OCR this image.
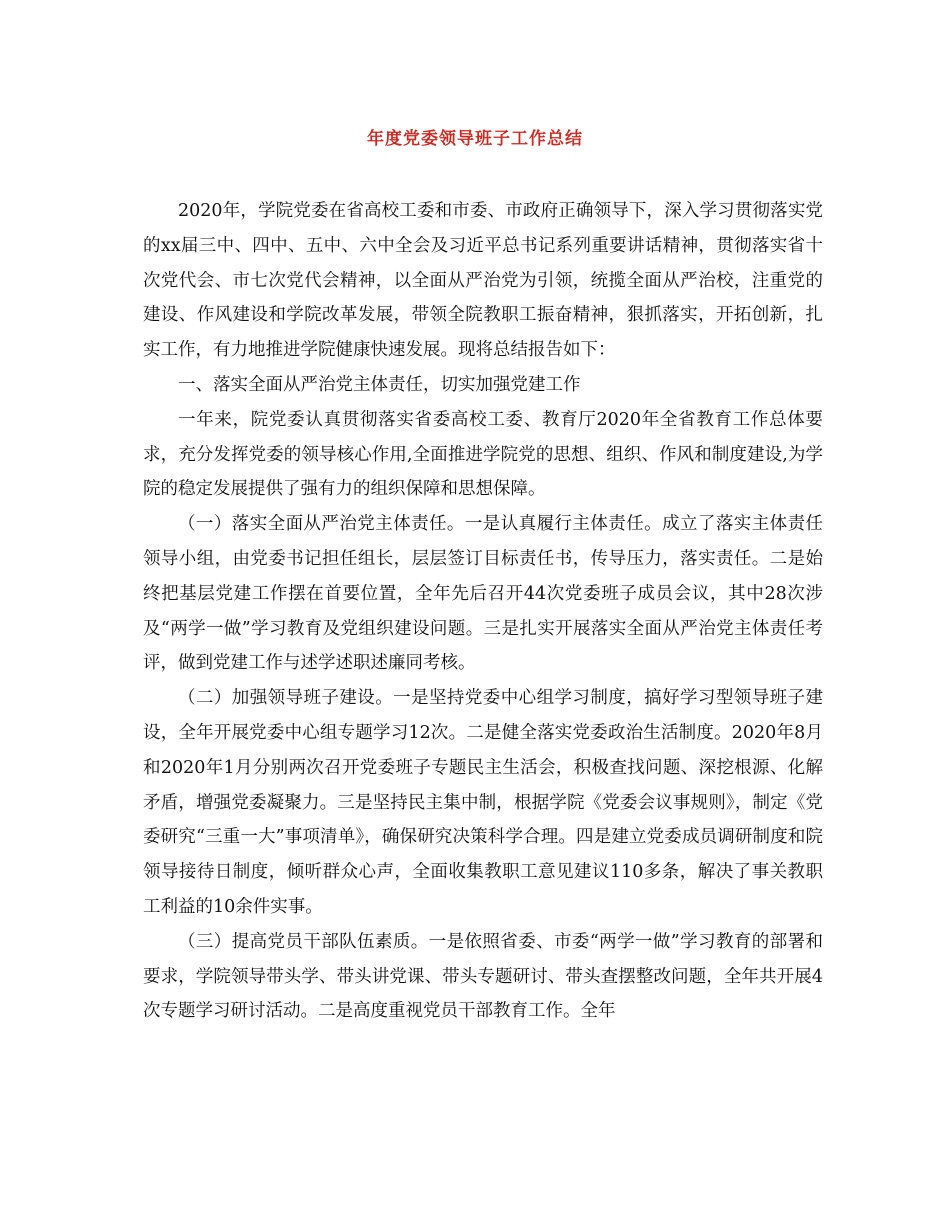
年度党委领导班子工作总结

2020年，学院党委在省高校工委和市委、市政府正确领导下，深入学习贯彻落实党的xx届三中、四中、五中、六中全会及习近平总书记系列重要讲话精神，贯彻落实省十次党代会、市七次党代会精神，以全面从严治党为引领，统揽全面从严治校，注重党的建设、作风建设和学院改革发展，带领全院教职工振奋精神，狠抓落实，开拓创新，扎实工作，有力地推进学院健康快速发展。现将总结报告如下：

一、落实全面从严治党主体责任，切实加强党建工作

一年来，院党委认真贯彻落实省委高校工委、教育厅2020年全省教育工作总体要求，充分发挥党委的领导核心作用,全面推进学院党的思想、组织、作风和制度建设,为学院的稳定发展提供了强有力的组织保障和思想保障。

（一）落实全面从严治党主体责任。一是认真履行主体责任。成立了落实主体责任领导小组，由党委书记担任组长，层层签订目标责任书，传导压力，落实责任。二是始终把基层党建工作摆在首要位置，全年先后召开44次党委班子成员会议，其中28次涉及“两学一做”学习教育及党组织建设问题。三是扎实开展落实全面从严治党主体责任考评，做到党建工作与述学述职述廉同考核。

（二）加强领导班子建设。一是坚持党委中心组学习制度，搞好学习型领导班子建设，全年开展党委中心组专题学习12次。二是健全落实党委政治生活制度。2020年8月和2020年1月分别两次召开党委班子专题民主生活会，积极查找问题、深挖根源、化解矛盾，增强党委凝聚力。三是坚持民主集中制，根据学院《党委会议事规则》，制定《党委研究“三重一大”事项清单》，确保研究决策科学合理。四是建立党委成员调研制度和院领导接待日制度，倾听群众心声，全面收集教职工意见建议110多条，解决了事关教职工利益的10余件实事。

（三）提高党员干部队伍素质。一是依照省委、市委“两学一做”学习教育的部署和要求，学院领导带头学、带头讲党课、带头专题研讨、带头查摆整改问题，全年共开展4次专题学习研讨活动。二是高度重视党员干部教育工作。全年
